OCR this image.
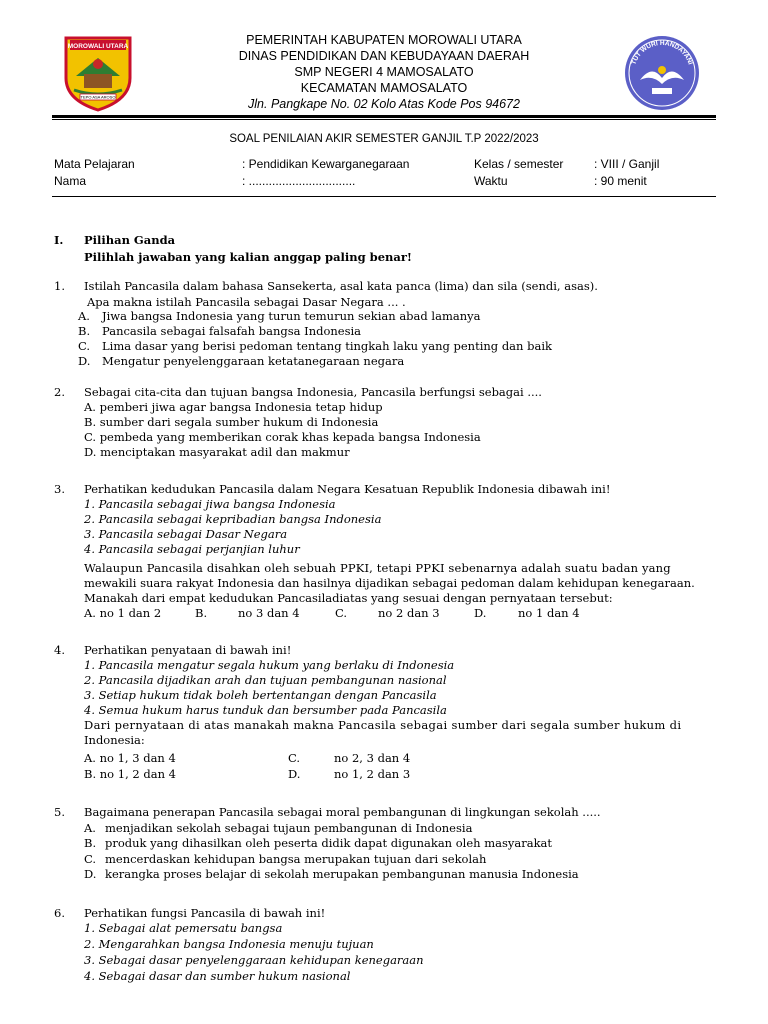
MOROWALI UTARA
TEPO ASA AROSO
TUT WURI HANDAYANI
PEMERINTAH KABUPATEN MOROWALI UTARA
DINAS PENDIDIKAN DAN KEBUDAYAAN DAERAH
SMP NEGERI 4 MAMOSALATO
KECAMATAN MAMOSALATO
Jln. Pangkape No. 02 Kolo Atas Kode Pos 94672
SOAL PENILAIAN AKIR SEMESTER GANJIL T.P 2022/2023
Mata Pelajaran	: Pendidikan Kewarganegaraan	Kelas / semester	: VIII / Ganjil
Nama	: ................................	Waktu	: 90 menit
I. Pilihan Ganda
Pilihlah jawaban yang kalian anggap paling benar!
1. Istilah Pancasila dalam bahasa Sansekerta, asal kata panca (lima) dan sila (sendi, asas).
Apa makna istilah Pancasila sebagai Dasar Negara ... .
A. Jiwa bangsa Indonesia yang turun temurun sekian abad lamanya
B. Pancasila sebagai falsafah bangsa Indonesia
C. Lima dasar yang berisi pedoman tentang tingkah laku yang penting dan baik
D. Mengatur penyelenggaraan ketatanegaraan negara
2. Sebagai cita-cita dan tujuan bangsa Indonesia, Pancasila berfungsi sebagai ....
A. pemberi jiwa agar bangsa Indonesia tetap hidup
B. sumber dari segala sumber hukum di Indonesia
C. pembeda yang memberikan corak khas kepada bangsa Indonesia
D. menciptakan masyarakat adil dan makmur
3. Perhatikan kedudukan Pancasila dalam Negara Kesatuan Republik Indonesia dibawah ini!
1. Pancasila sebagai jiwa bangsa Indonesia
2. Pancasila sebagai kepribadian bangsa Indonesia
3. Pancasila sebagai Dasar Negara
4. Pancasila sebagai perjanjian luhur
Walaupun Pancasila disahkan oleh sebuah PPKI, tetapi PPKI sebenarnya adalah suatu badan yang
mewakili suara rakyat Indonesia dan hasilnya dijadikan sebagai pedoman dalam kehidupan kenegaraan.
Manakah dari empat kedudukan Pancasiladiatas yang sesuai dengan pernyataan tersebut:
A. no 1 dan 2	B.	no 3 dan 4	C.	no 2 dan 3	D.	no 1 dan 4
4. Perhatikan penyataan di bawah ini!
1. Pancasila mengatur segala hukum yang berlaku di Indonesia
2. Pancasila dijadikan arah dan tujuan pembangunan nasional
3. Setiap hukum tidak boleh bertentangan dengan Pancasila
4. Semua hukum harus tunduk dan bersumber pada Pancasila
Dari pernyataan di atas manakah makna Pancasila sebagai sumber dari segala sumber hukum di
Indonesia:
A. no 1, 3 dan 4
B. no 1, 2 dan 4
C.	no 2, 3 dan 4
D.	no 1, 2 dan 3
5. Bagaimana penerapan Pancasila sebagai moral pembangunan di lingkungan sekolah .....
A. menjadikan sekolah sebagai tujaun pembangunan di Indonesia
B. produk yang dihasilkan oleh peserta didik dapat digunakan oleh masyarakat
C. mencerdaskan kehidupan bangsa merupakan tujuan dari sekolah
D. kerangka proses belajar di sekolah merupakan pembangunan manusia Indonesia
6. Perhatikan fungsi Pancasila di bawah ini!
1. Sebagai alat pemersatu bangsa
2. Mengarahkan bangsa Indonesia menuju tujuan
3. Sebagai dasar penyelenggaraan kehidupan kenegaraan
4. Sebagai dasar dan sumber hukum nasional
